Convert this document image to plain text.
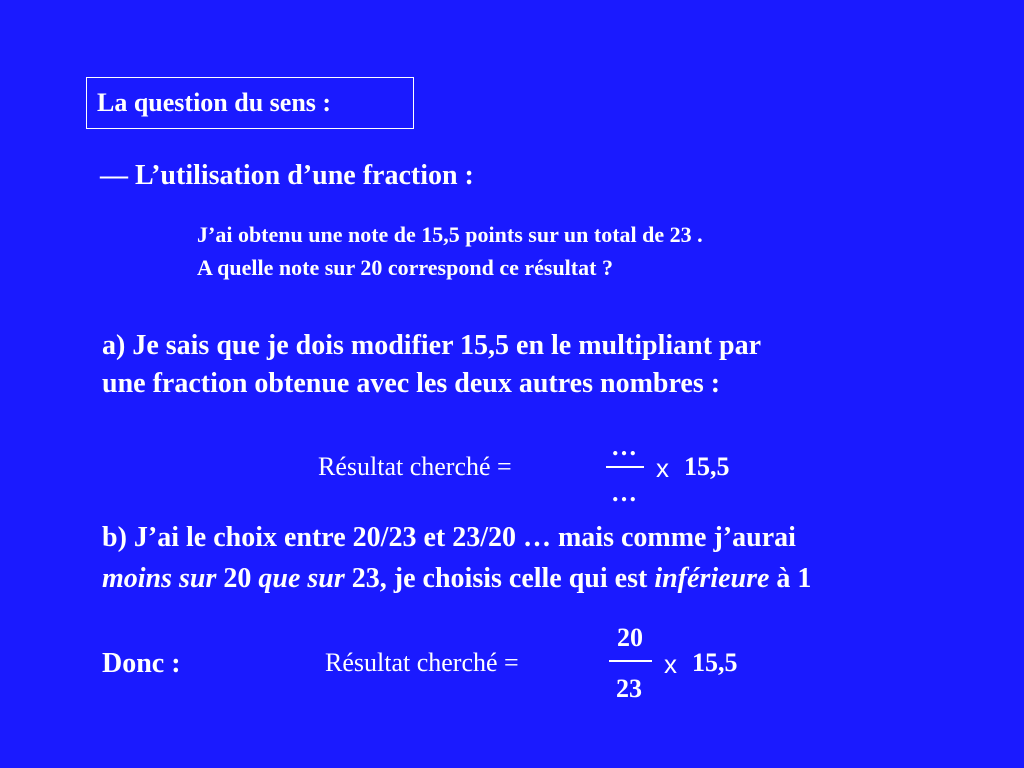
La question du sens :
— L’utilisation d’une fraction :
J’ai obtenu une note de 15,5 points sur un total de 23 .
A quelle note sur 20 correspond ce résultat ?
a) Je sais que je dois modifier 15,5 en le multipliant par
une fraction obtenue avec les deux autres nombres :
Résultat cherché =
…
…
x 15,5
b) J’ai le choix entre 20/23 et 23/20 … mais comme j’aurai
moins sur 20 que sur 23, je choisis celle qui est inférieure à 1
Donc :	Résultat cherché =
20
23
x 15,5
